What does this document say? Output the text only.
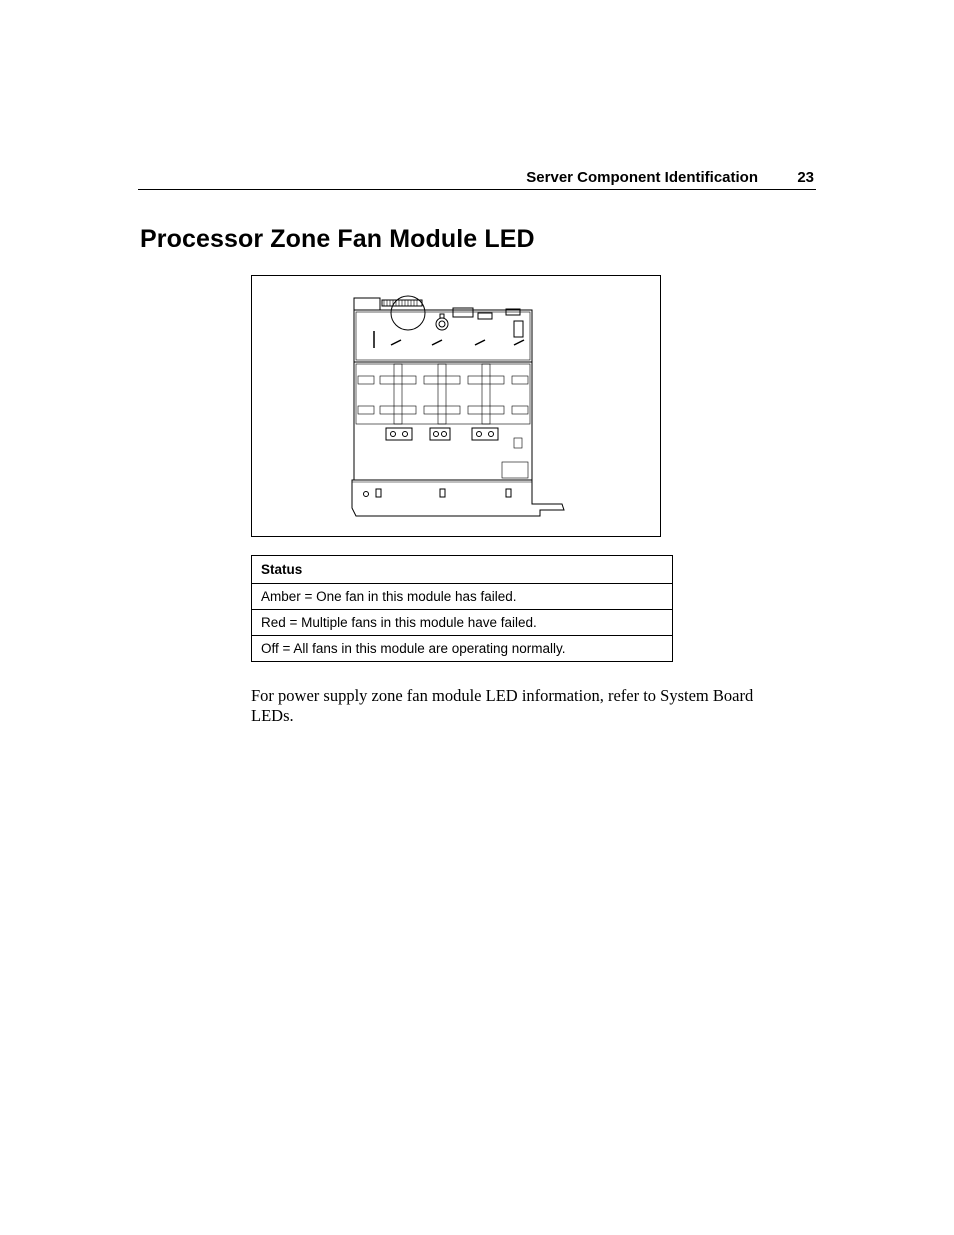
Server Component Identification	23
Processor Zone Fan Module LED
Status
Amber = One fan in this module has failed.
Red = Multiple fans in this module have failed.
Off = All fans in this module are operating normally.

For power supply zone fan module LED information, refer to System Board LEDs.
